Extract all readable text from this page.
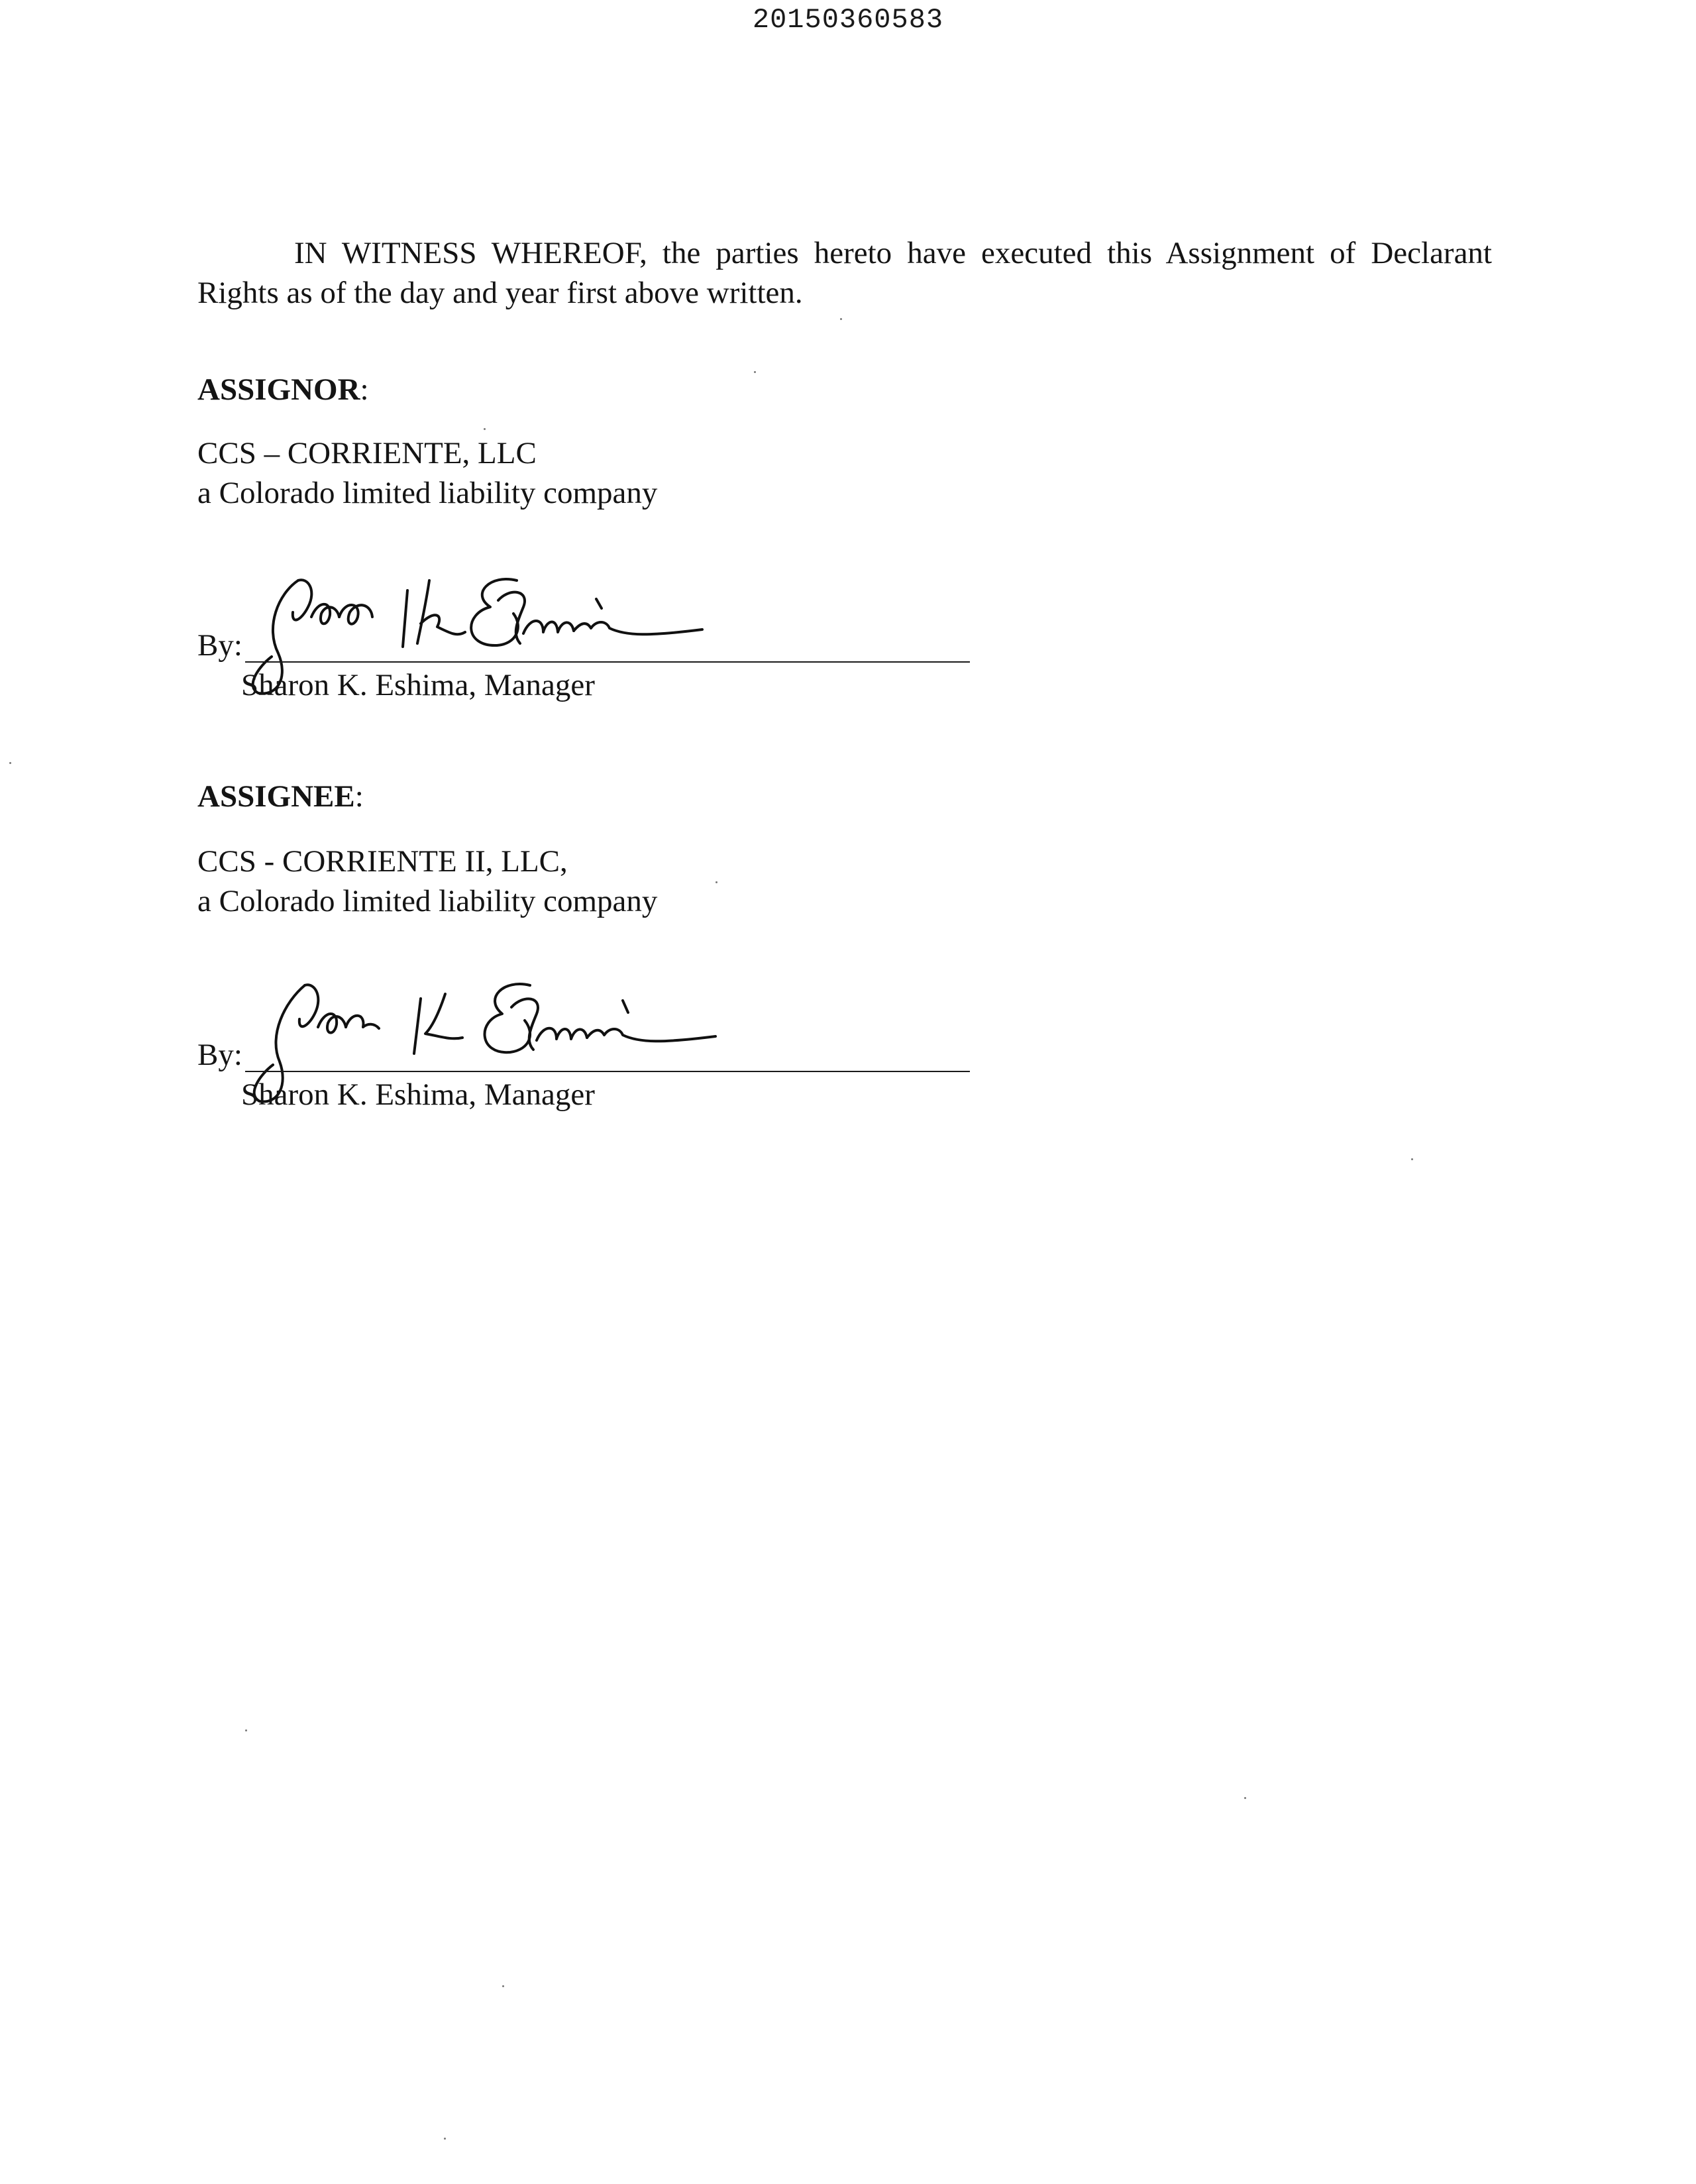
20150360583

IN WITNESS WHEREOF, the parties hereto have executed this Assignment of Declarant Rights as of the day and year first above written.

ASSIGNOR:
CCS – CORRIENTE, LLC
a Colorado limited liability company
By:
Sharon K. Eshima, Manager
ASSIGNEE:
CCS - CORRIENTE II, LLC,
a Colorado limited liability company
By:
Sharon K. Eshima, Manager
